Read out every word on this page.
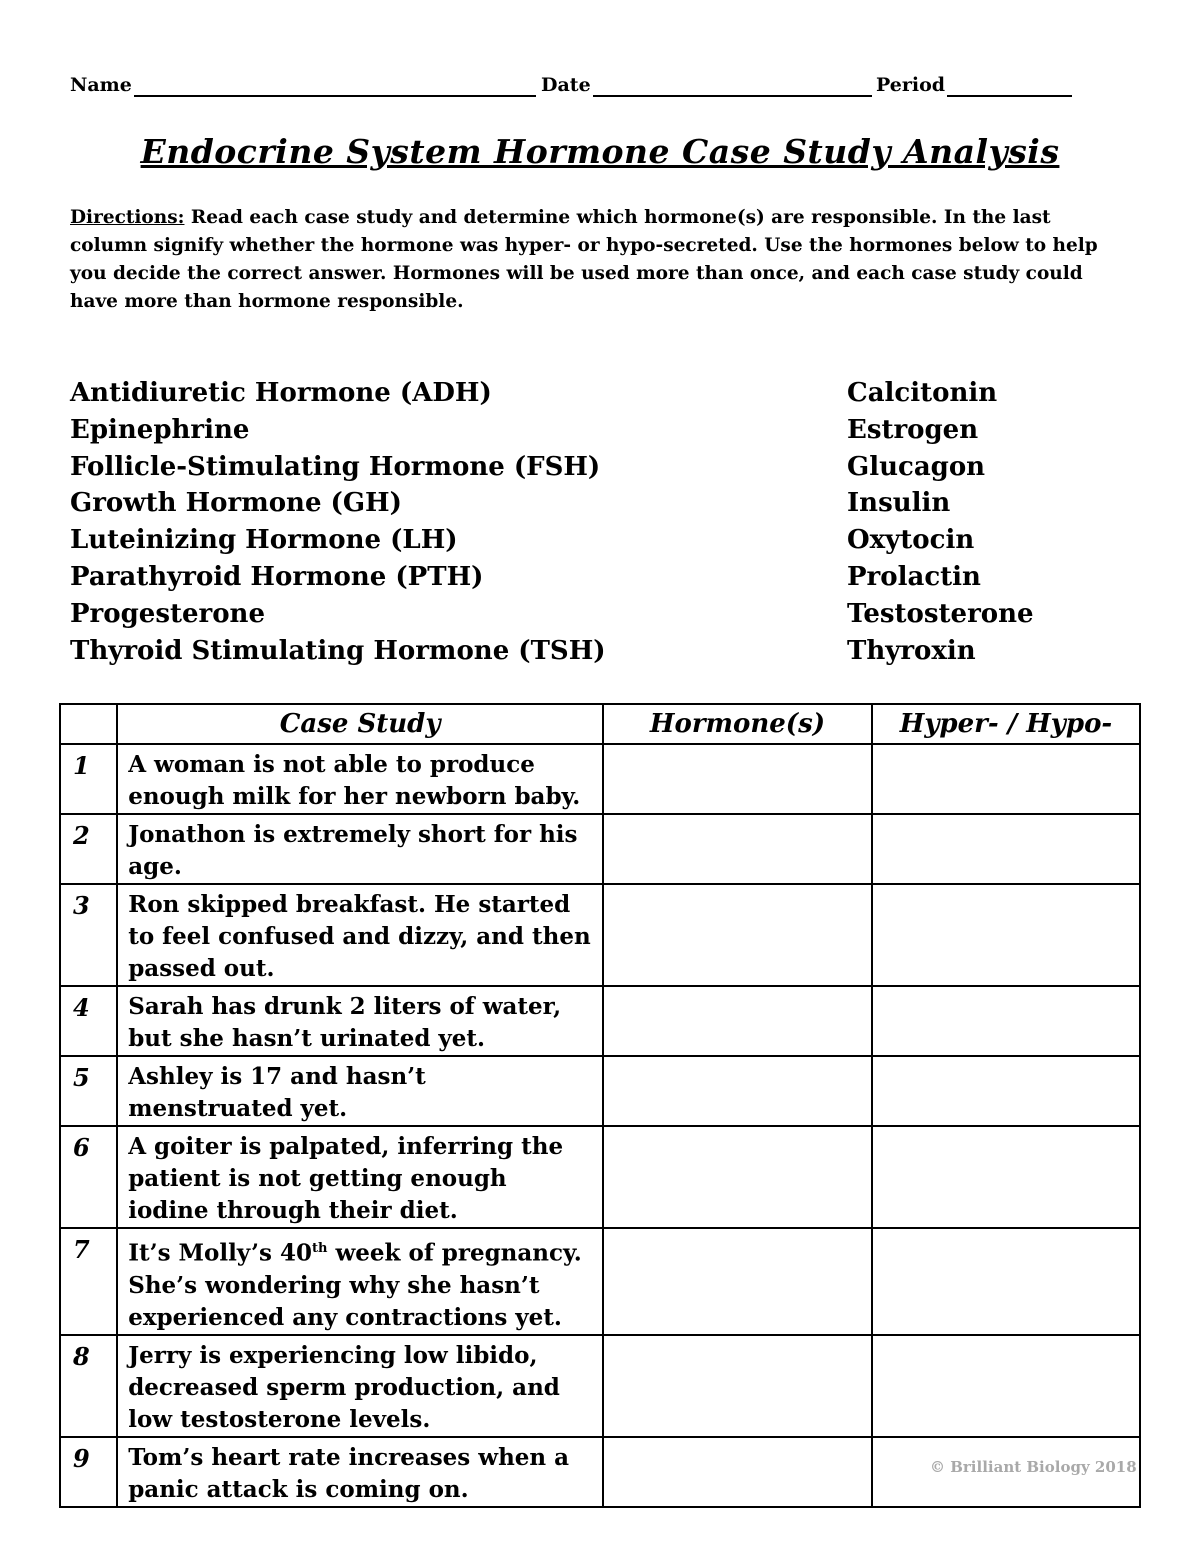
Name	Date	Period
Endocrine System Hormone Case Study Analysis
Directions: Read each case study and determine which hormone(s) are responsible. In the last column signify whether the hormone was hyper- or hypo-secreted. Use the hormones below to help you decide the correct answer. Hormones will be used more than once, and each case study could have more than hormone responsible.
Antidiuretic Hormone (ADH)
Epinephrine
Follicle-Stimulating Hormone (FSH)
Growth Hormone (GH)
Luteinizing Hormone (LH)
Parathyroid Hormone (PTH)
Progesterone
Thyroid Stimulating Hormone (TSH)
Calcitonin
Estrogen
Glucagon
Insulin
Oxytocin
Prolactin
Testosterone
Thyroxin
	Case Study	Hormone(s)	Hyper- / Hypo-
1	A woman is not able to produce enough milk for her newborn baby.		
2	Jonathon is extremely short for his age.		
3	Ron skipped breakfast. He started to feel confused and dizzy, and then passed out.		
4	Sarah has drunk 2 liters of water, but she hasn’t urinated yet.		
5	Ashley is 17 and hasn’t menstruated yet.		
6	A goiter is palpated, inferring the patient is not getting enough iodine through their diet.		
7	It’s Molly’s 40th week of pregnancy. She’s wondering why she hasn’t experienced any contractions yet.		
8	Jerry is experiencing low libido, decreased sperm production, and low testosterone levels.		
9	Tom’s heart rate increases when a panic attack is coming on.		
© Brilliant Biology 2018
